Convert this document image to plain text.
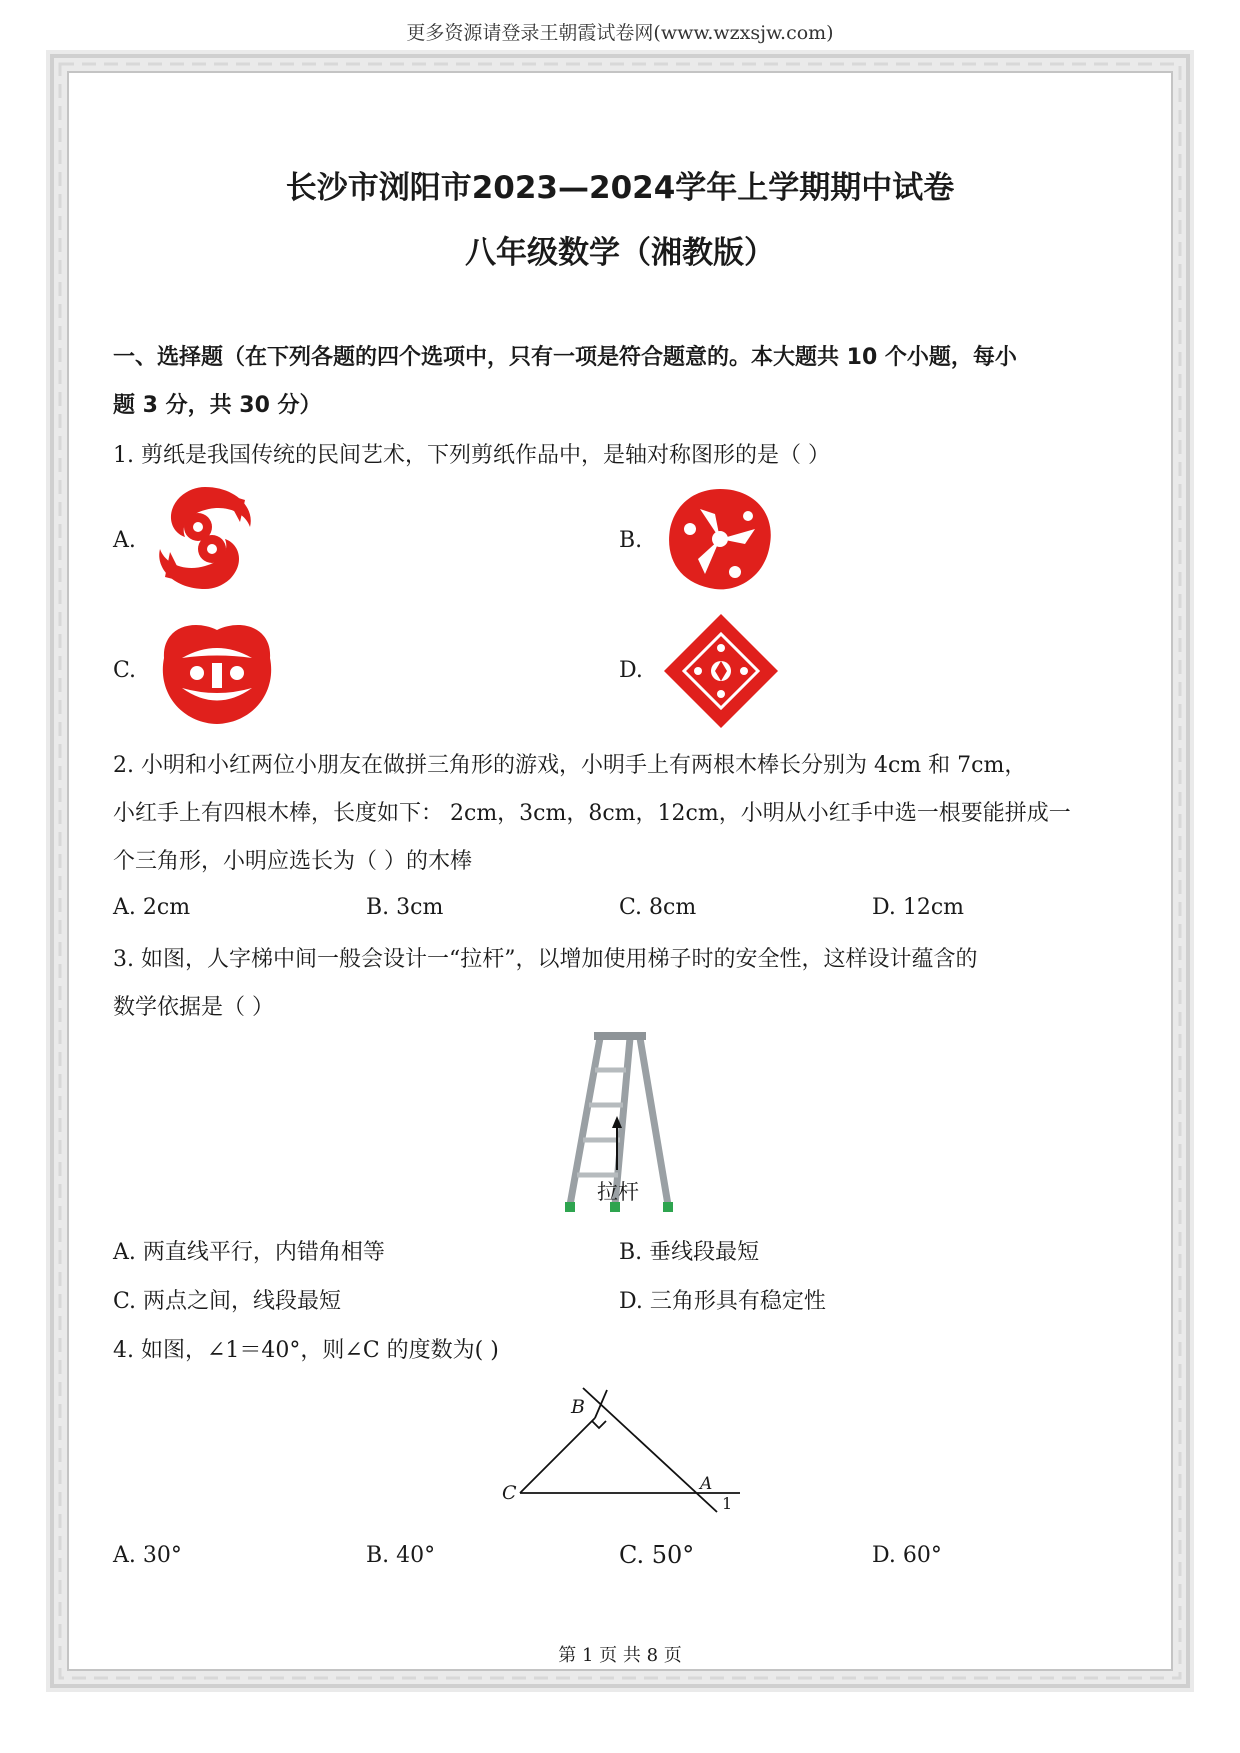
更多资源请登录王朝霞试卷网(www.wzxsjw.com)
长沙市浏阳市2023—2024学年上学期期中试卷
八年级数学（湘教版）
一、选择题（在下列各题的四个选项中，只有一项是符合题意的。本大题共 10 个小题，每小
题 3 分，共 30 分）
1. 剪纸是我国传统的民间艺术，下列剪纸作品中，是轴对称图形的是（ ）
A.	B.
C.	D.
2. 小明和小红两位小朋友在做拼三角形的游戏，小明手上有两根木棒长分别为 4cm 和 7cm，
小红手上有四根木棒，长度如下： 2cm，3cm，8cm，12cm，小明从小红手中选一根要能拼成一
个三角形，小明应选长为（ ）的木棒
A. 2cm	B. 3cm	C. 8cm	D. 12cm
3. 如图，人字梯中间一般会设计一“拉杆”，以增加使用梯子时的安全性，这样设计蕴含的
数学依据是（ ）
拉杆
A. 两直线平行，内错角相等	B. 垂线段最短
C. 两点之间，线段最短	D. 三角形具有稳定性
4. 如图，∠1＝40°，则∠C 的度数为( )
B
C	A
1
A. 30°	B. 40°	C. 50°	D. 60°
第 1 页 共 8 页
